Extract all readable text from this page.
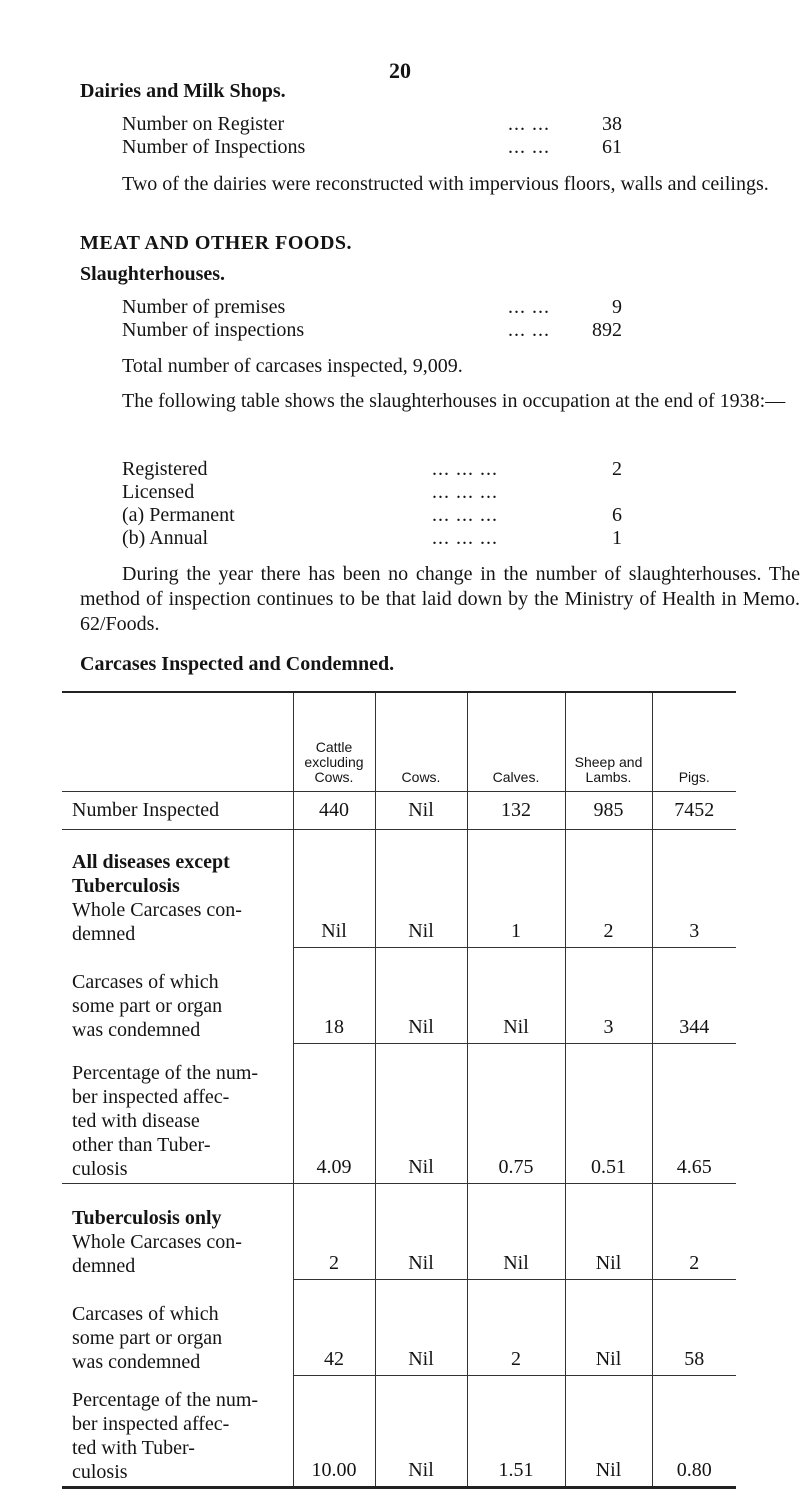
20
Dairies and Milk Shops.
Number on Register	... ...	38
Number of Inspections	... ...	61
Two of the dairies were reconstructed with impervious floors, walls and ceilings.
MEAT AND OTHER FOODS.
Slaughterhouses.
Number of premises	... ...	9
Number of inspections	... ...	892
Total number of carcases inspected, 9,009.
The following table shows the slaughterhouses in occupation at the end of 1938:—
Registered	... ... ...	2
Licensed	... ... ...
(a) Permanent	... ... ...	6
(b) Annual	... ... ...	1
During the year there has been no change in the number of slaughterhouses. The method of inspection continues to be that laid down by the Ministry of Health in Memo. 62/Foods.
Carcases Inspected and Condemned.
	Cattle excluding Cows.	Cows.	Calves.	Sheep and Lambs.	Pigs.
Number Inspected	440	Nil	132	985	7452

All diseases except
Tuberculosis
Whole Carcases con-
demned	Nil	Nil	1	2	3

Carcases of which
some part or organ
was condemned	18	Nil	Nil	3	344

Percentage of the num-
ber inspected affec-
ted with disease
other than Tuber-
culosis	4.09	Nil	0.75	0.51	4.65

Tuberculosis only
Whole Carcases con-
demned	2	Nil	Nil	Nil	2

Carcases of which
some part or organ
was condemned	42	Nil	2	Nil	58

Percentage of the num-
ber inspected affec-
ted with Tuber-
culosis	10.00	Nil	1.51	Nil	0.80
